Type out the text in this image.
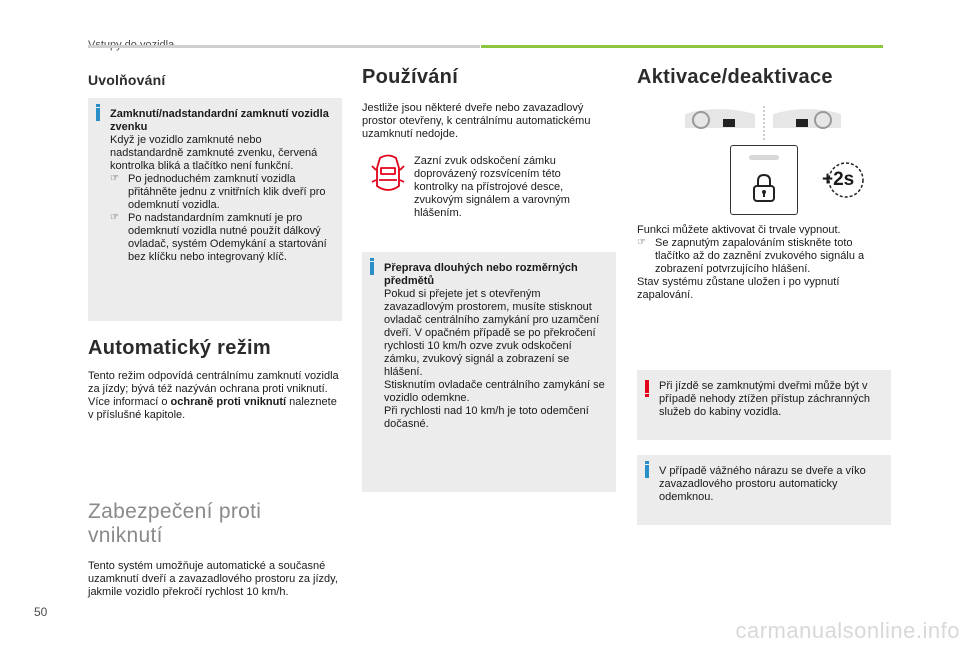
Uvolňování

Zamknutí/nadstandardní zamknutí vozidla zvenku

Když je vozidlo zamknuté nebo nadstandardně zamknuté zvenku, červená kontrolka bliká a tlačítko není funkční.

☞ Po jednoduchém zamknutí vozidla přitáhněte jednu z vnitřních klik dveří pro odemknutí vozidla.

☞ Po nadstandardním zamknutí je pro odemknutí vozidla nutné použít dálkový ovladač, systém Odemykání a startování bez klíčku nebo integrovaný klíč.

Automatický režim

Tento režim odpovídá centrálnímu zamknutí vozidla za jízdy; bývá též nazýván ochrana proti vniknutí.

Více informací o ochraně proti vniknutí naleznete v příslušné kapitole.

Zabezpečení proti vniknutí

Tento systém umožňuje automatické a současné uzamknutí dveří a zavazadlového prostoru za jízdy, jakmile vozidlo překročí rychlost 10 km/h.

Používání

Jestliže jsou některé dveře nebo zavazadlový prostor otevřeny, k centrálnímu automatickému uzamknutí nedojde.

Zazní zvuk odskočení zámku doprovázený rozsvícením této kontrolky na přístrojové desce, zvukovým signálem a varovným hlášením.

Přeprava dlouhých nebo rozměrných předmětů

Pokud si přejete jet s otevřeným zavazadlovým prostorem, musíte stisknout ovladač centrálního zamykání pro uzamčení dveří. V opačném případě se po překročení rychlosti 10 km/h ozve zvuk odskočení zámku, zvukový signál a zobrazení se hlášení.

Stisknutím ovladače centrálního zamykání se vozidlo odemkne.

Při rychlosti nad 10 km/h je toto odemčení dočasné.

Aktivace/deaktivace
+2s

Funkci můžete aktivovat či trvale vypnout.

☞ Se zapnutým zapalováním stiskněte toto tlačítko až do zaznění zvukového signálu a zobrazení potvrzujícího hlášení.

Stav systému zůstane uložen i po vypnutí zapalování.

Při jízdě se zamknutými dveřmi může být v případě nehody ztížen přístup záchranných služeb do kabiny vozidla.

V případě vážného nárazu se dveře a víko zavazadlového prostoru automaticky odemknou.

50
carmanualsonline.info
